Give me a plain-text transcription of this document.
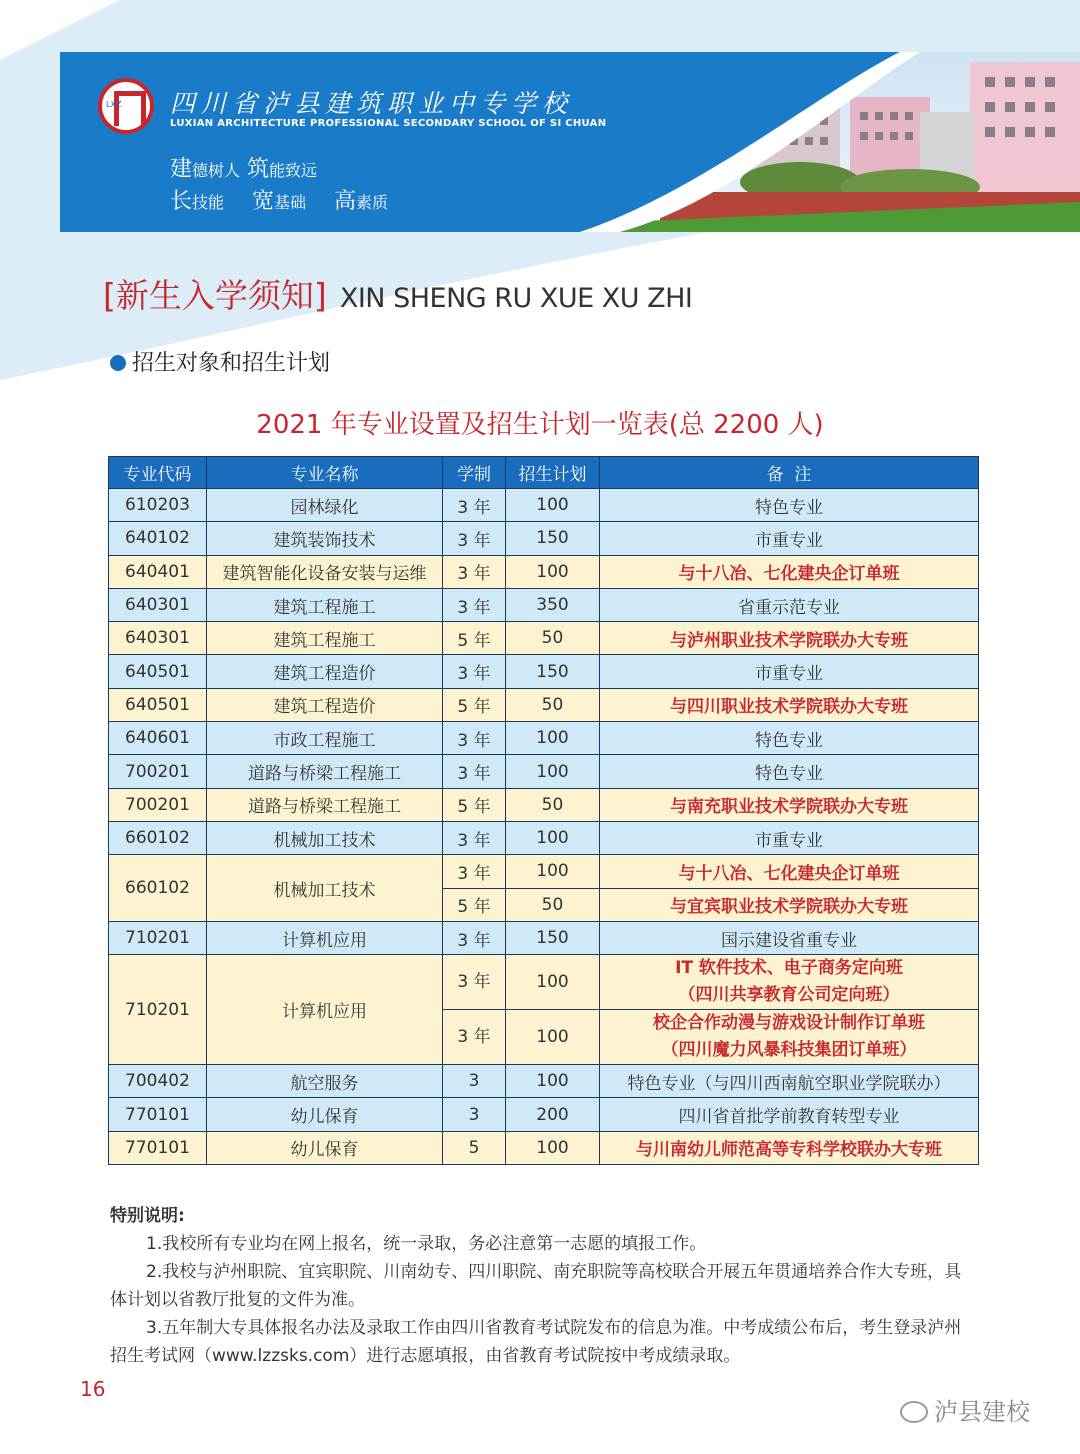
LXZ
四川省泸县建筑职业中专学校
LUXIAN ARCHITECTURE PROFESSIONAL SECONDARY SCHOOL OF SI CHUAN
建德树人 筑能致远
长技能 宽基础 高素质
[新生入学须知] XIN SHENG RU XUE XU ZHI
招生对象和招生计划
2021 年专业设置及招生计划一览表(总 2200 人)
专业代码	专业名称	学制	招生计划	备  注
610203	园林绿化	3 年	100	特色专业
640102	建筑装饰技术	3 年	150	市重专业
640401	建筑智能化设备安装与运维	3 年	100	与十八冶、七化建央企订单班
640301	建筑工程施工	3 年	350	省重示范专业
640301	建筑工程施工	5 年	50	与泸州职业技术学院联办大专班
640501	建筑工程造价	3 年	150	市重专业
640501	建筑工程造价	5 年	50	与四川职业技术学院联办大专班
640601	市政工程施工	3 年	100	特色专业
700201	道路与桥梁工程施工	3 年	100	特色专业
700201	道路与桥梁工程施工	5 年	50	与南充职业技术学院联办大专班
660102	机械加工技术	3 年	100	市重专业
660102	机械加工技术	3 年	100	与十八冶、七化建央企订单班
		5 年	50	与宜宾职业技术学院联办大专班
710201	计算机应用	3 年	150	国示建设省重专业
710201	计算机应用	3 年	100	IT 软件技术、电子商务定向班
（四川共享教育公司定向班）

		3 年	100	校企合作动漫与游戏设计制作订单班
（四川魔力风暴科技集团订单班）

700402	航空服务	3	100	特色专业（与四川西南航空职业学院联办）
770101	幼儿保育	3	200	四川省首批学前教育转型专业
770101	幼儿保育	5	100	与川南幼儿师范高等专科学校联办大专班
特别说明:

1.我校所有专业均在网上报名，统一录取，务必注意第一志愿的填报工作。

2.我校与泸州职院、宜宾职院、川南幼专、四川职院、南充职院等高校联合开展五年贯通培养合作大专班，具体计划以省教厅批复的文件为准。

3.五年制大专具体报名办法及录取工作由四川省教育考试院发布的信息为准。中考成绩公布后，考生登录泸州招生考试网（www.lzzsks.com）进行志愿填报，由省教育考试院按中考成绩录取。

16
泸县建校
